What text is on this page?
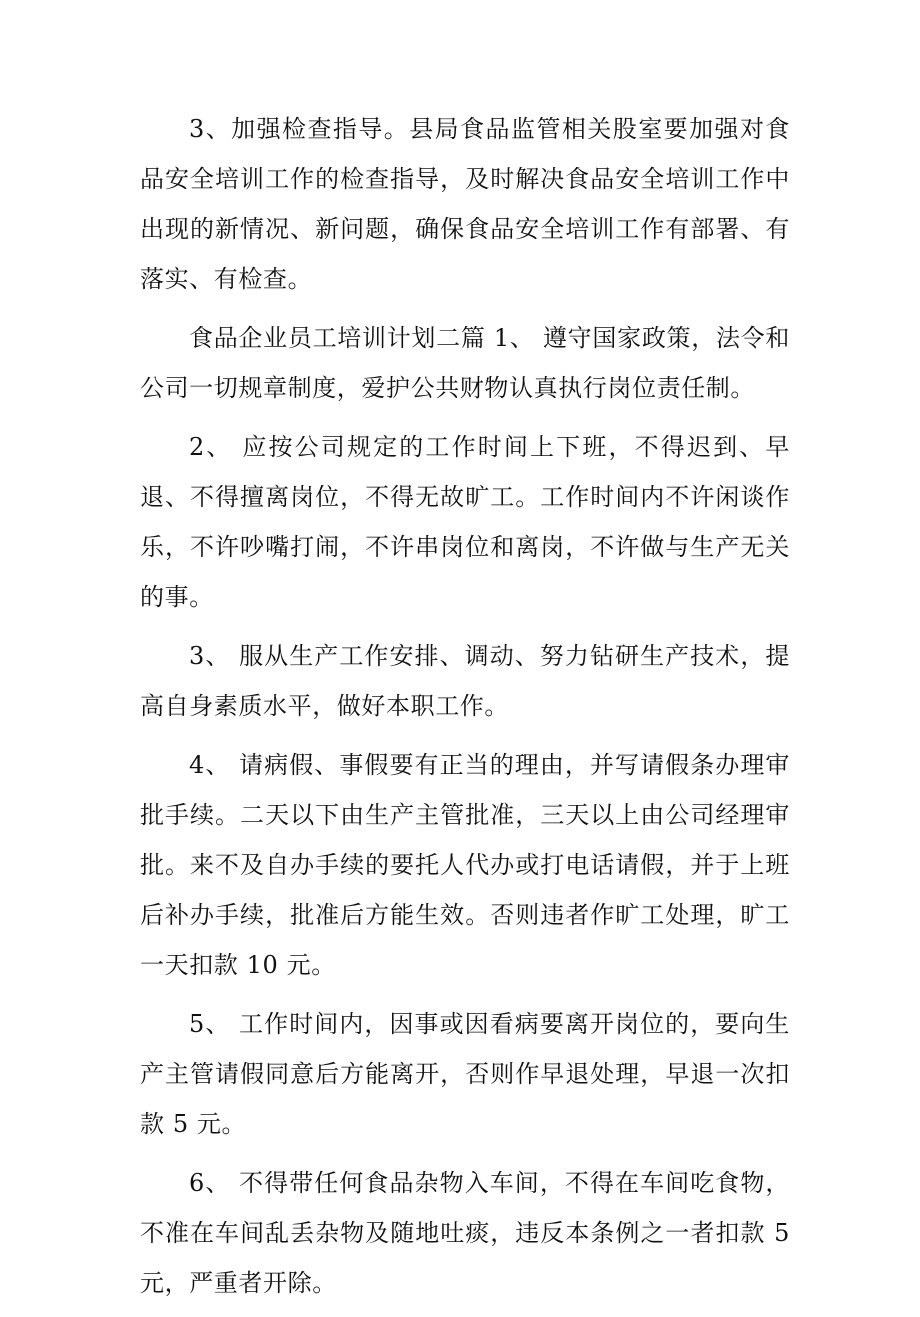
3、加强检查指导。县局食品监管相关股室要加强对食品安全培训工作的检查指导，及时解决食品安全培训工作中出现的新情况、新问题，确保食品安全培训工作有部署、有落实、有检查。

食品企业员工培训计划二篇 1、 遵守国家政策，法令和公司一切规章制度，爱护公共财物认真执行岗位责任制。

2、 应按公司规定的工作时间上下班，不得迟到、早退、不得擅离岗位，不得无故旷工。工作时间内不许闲谈作乐，不许吵嘴打闹，不许串岗位和离岗，不许做与生产无关的事。

3、 服从生产工作安排、调动、努力钻研生产技术，提高自身素质水平，做好本职工作。

4、 请病假、事假要有正当的理由，并写请假条办理审批手续。二天以下由生产主管批准，三天以上由公司经理审批。来不及自办手续的要托人代办或打电话请假，并于上班后补办手续，批准后方能生效。否则违者作旷工处理，旷工一天扣款 10 元。

5、 工作时间内，因事或因看病要离开岗位的，要向生产主管请假同意后方能离开，否则作早退处理，早退一次扣款 5 元。

6、 不得带任何食品杂物入车间，不得在车间吃食物，不准在车间乱丢杂物及随地吐痰，违反本条例之一者扣款 5 元，严重者开除。
